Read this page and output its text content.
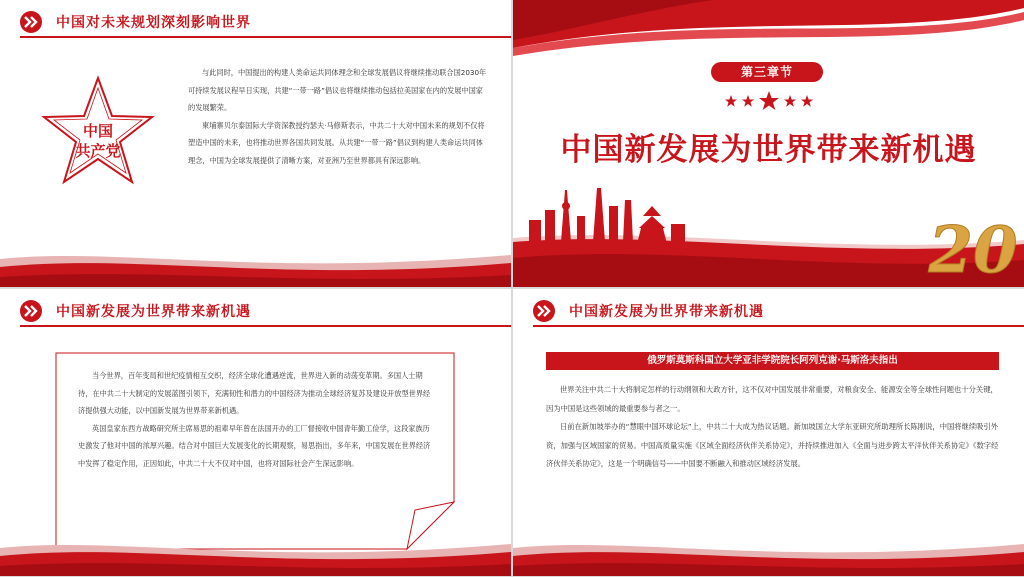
中国对未来规划深刻影响世界
中国
共产党

与此同时，中国提出的构建人类命运共同体理念和全球发展倡议将继续推动联合国2030年可持续发展议程早日实现，共建“一带一路”倡议也将继续推动包括拉美国家在内的发展中国家的发展繁荣。

柬埔寨贝尔泰国际大学资深教授约瑟夫·马修斯表示，中共二十大对中国未来的规划不仅将塑造中国的未来，也将推动世界各国共同发展。从共建“一带一路”倡议到构建人类命运共同体理念，中国为全球发展提供了清晰方案，对亚洲乃至世界都具有深远影响。

第三章节
中国新发展为世界带来新机遇
20
中国新发展为世界带来新机遇

当今世界，百年变局和世纪疫情相互交织，经济全球化遭遇逆流，世界进入新的动荡变革期。多国人士期待，在中共二十大制定的发展蓝图引领下，充满韧性和潜力的中国经济为推动全球经济复苏及建设开放型世界经济提供强大动能，以中国新发展为世界带来新机遇。

英国皇家东西方战略研究所主席易思的祖辈早年曾在法国开办的工厂督接收中国青年勤工俭学，这段家族历史激发了他对中国的浓厚兴趣。结合对中国巨大发展变化的长期观察，易思指出，多年来，中国发展在世界经济中发挥了稳定作用，正因如此，中共二十大不仅对中国，也将对国际社会产生深远影响。

中国新发展为世界带来新机遇
俄罗斯莫斯科国立大学亚非学院院长阿列克谢·马斯洛夫指出

世界关注中共二十大将制定怎样的行动纲领和大政方针，这不仅对中国发展非常重要，对粮食安全、能源安全等全球性问题也十分关键，因为中国是这些领域的最重要参与者之一。

日前在新加坡举办的“慧眼中国环球论坛”上，中共二十大成为热议话题。新加坡国立大学东亚研究所助理所长陈刚说，中国将继续吸引外资，加强与区域国家的贸易。中国高质量实施《区域全面经济伙伴关系协定》，并持续推进加入《全面与进步跨太平洋伙伴关系协定》《数字经济伙伴关系协定》，这是一个明确信号——中国要不断融入和推动区域经济发展。
